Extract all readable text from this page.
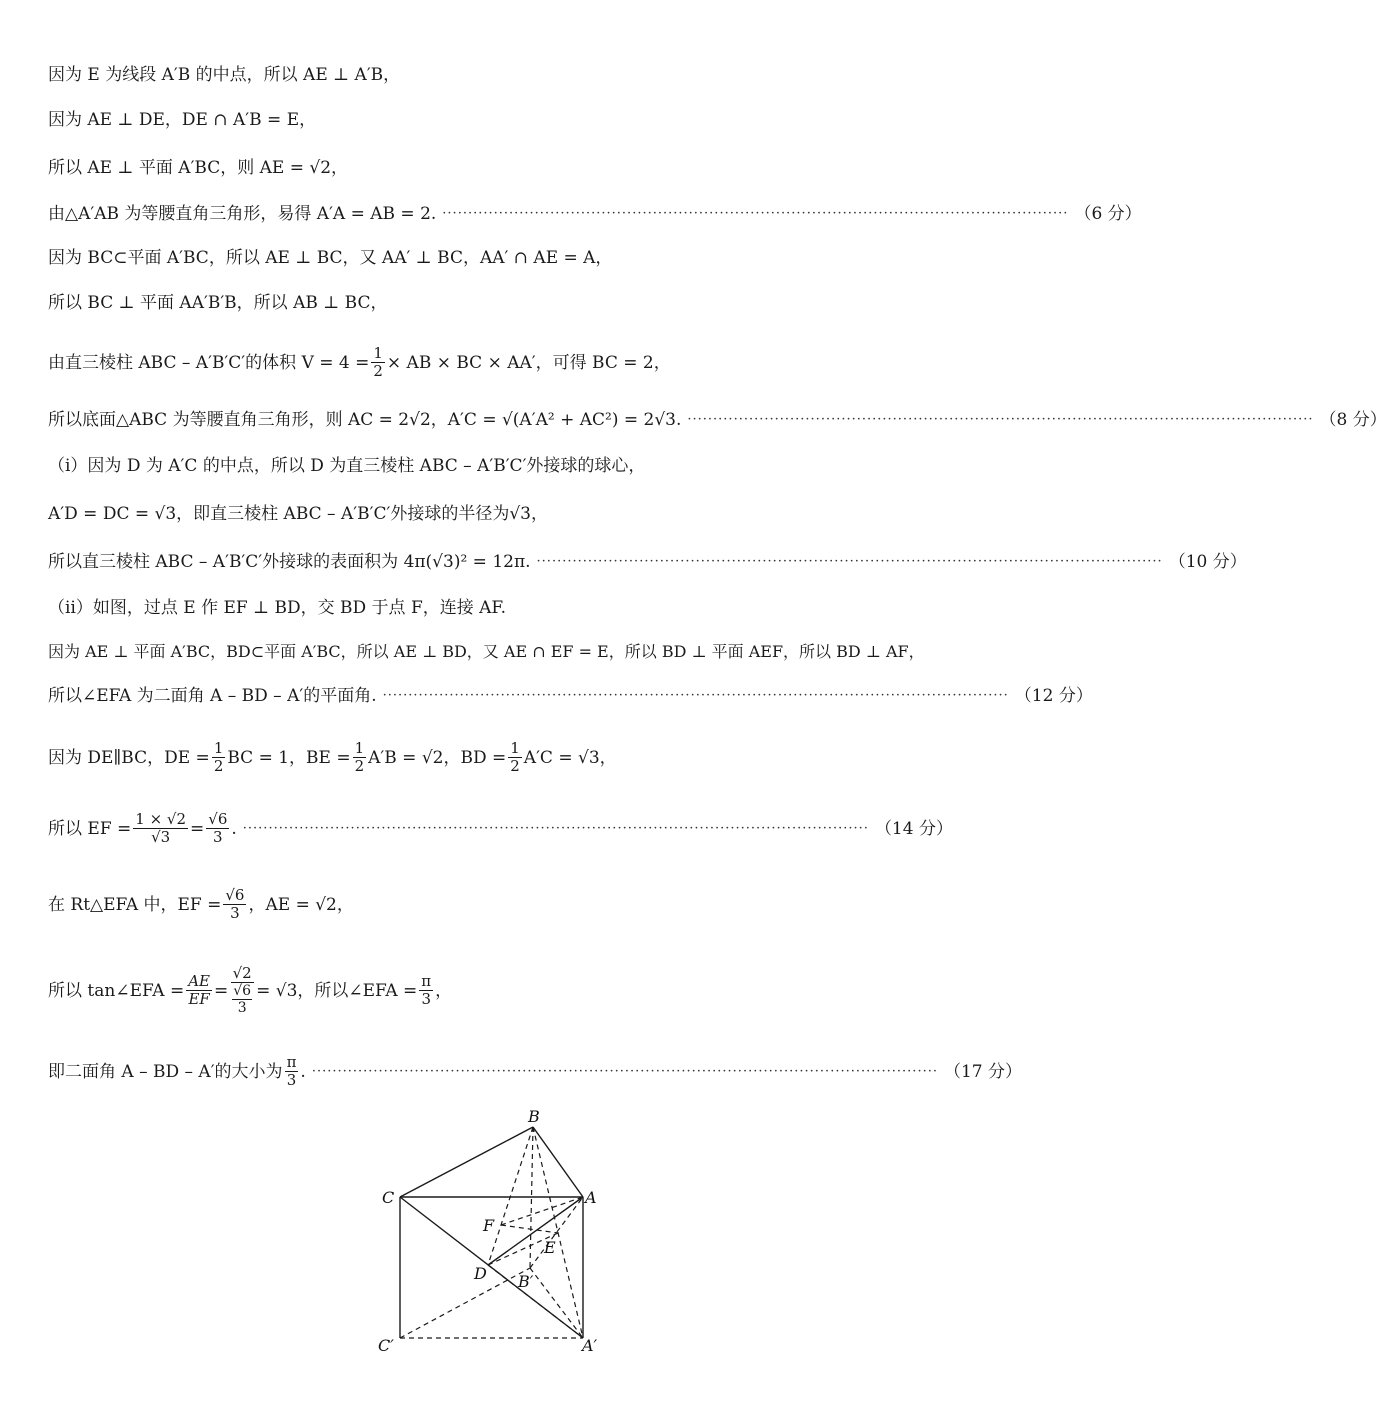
因为 E 为线段 A′B 的中点，所以 AE ⊥ A′B，
因为 AE ⊥ DE，DE ∩ A′B = E，
所以 AE ⊥ 平面 A′BC，则 AE = √2，
由△A′AB 为等腰直角三角形，易得 A′A = AB = 2. ·························································································································· （6 分）
因为 BC⊂平面 A′BC，所以 AE ⊥ BC，又 AA′ ⊥ BC，AA′ ∩ AE = A，
所以 BC ⊥ 平面 AA′B′B，所以 AB ⊥ BC，
由直三棱柱 ABC – A′B′C′的体积 $V = 4 = \frac{1}{2}$ × AB × BC × AA′，可得 BC = 2，
所以底面△ABC 为等腰直角三角形，则 AC = 2√2，A′C = √(A′A² + AC²) = 2√3. ·························································································································· （8 分）
（ⅰ）因为 D 为 A′C 的中点，所以 D 为直三棱柱 ABC – A′B′C′外接球的球心，
A′D = DC = √3，即直三棱柱 ABC – A′B′C′外接球的半径为√3，
所以直三棱柱 ABC – A′B′C′外接球的表面积为 4π(√3)² = 12π. ·························································································································· （10 分）
（ⅱ）如图，过点 E 作 EF ⊥ BD，交 BD 于点 F，连接 AF.
因为 AE ⊥ 平面 A′BC，BD⊂平面 A′BC，所以 AE ⊥ BD，又 AE ∩ EF = E，所以 BD ⊥ 平面 AEF，所以 BD ⊥ AF，
所以∠EFA 为二面角 A – BD – A′的平面角. ·························································································································· （12 分）
因为 DE∥BC，DE = $\frac{1}{2}$ BC = 1，BE = $\frac{1}{2} A'B = √2$，BD = $\frac{1}{2} A'C = √3$，
所以 EF = $\frac{1 \times √2}{√3} = \frac{√6}{3}$ . ·························································································································· （14 分）
在 Rt△EFA 中，EF = $\frac{√6}{3}$ ，AE = √2，
所以 tan∠EFA = $\frac{AE}{EF} = \frac{√2}{\frac{√6}{3}} = √3$，所以∠EFA = $\frac{\pi}{3}$ ，
即二面角 A – BD – A′的大小为 $\frac{\pi}{3}$ . ·························································································································· （17 分）
B
C	A
F
E
D B′
C′	A′
